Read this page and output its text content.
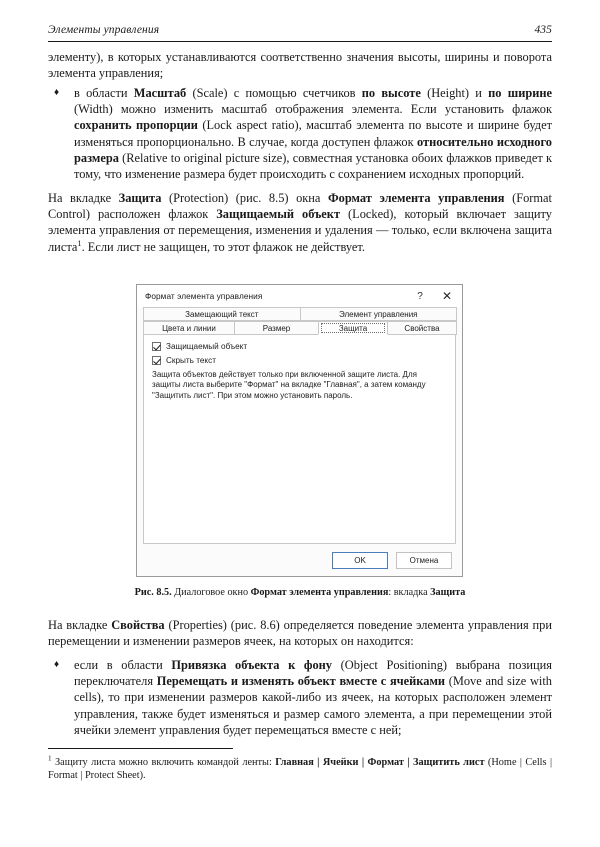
Элементы управления	435

элементу), в которых устанавливаются соответственно значения высоты, ширины и поворота элемента управления;

♦ в области Масштаб (Scale) с помощью счетчиков по высоте (Height) и по ширине (Width) можно изменить масштаб отображения элемента. Если установить флажок сохранить пропорции (Lock aspect ratio), масштаб элемента по высоте и ширине будет изменяться пропорционально. В случае, когда доступен флажок относительно исходного размера (Relative to original picture size), совместная установка обоих флажков приведет к тому, что изменение размера будет происходить с сохранением исходных пропорций.

На вкладке Защита (Protection) (рис. 8.5) окна Формат элемента управления (Format Control) расположен флажок Защищаемый объект (Locked), который включает защиту элемента управления от перемещения, изменения и удаления — только, если включена защита листа$^1$. Если лист не защищен, то этот флажок не действует.

Формат элемента управления	?	✕
Замещающий текст	Элемент управления
Цвета и линии	Размер	Защита	Свойства
Защищаемый объект
Скрыть текст
Защита объектов действует только при включенной защите листа. Для защиты листа выберите "Формат" на вкладке "Главная", а затем команду "Защитить лист". При этом можно установить пароль.
OK	Отмена
Рис. 8.5. Диалоговое окно Формат элемента управления: вкладка Защита

На вкладке Свойства (Properties) (рис. 8.6) определяется поведение элемента управления при перемещении и изменении размеров ячеек, на которых он находится:

♦ если в области Привязка объекта к фону (Object Positioning) выбрана позиция переключателя Перемещать и изменять объект вместе с ячейками (Move and size with cells), то при изменении размеров какой-либо из ячеек, на которых расположен элемент управления, также будет изменяться и размер самого элемента, а при перемещении этой ячейки элемент управления будет перемещаться вместе с ней;
$^1$ Защиту листа можно включить командой ленты: Главная | Ячейки | Формат | Защитить лист (Home | Cells | Format | Protect Sheet).
